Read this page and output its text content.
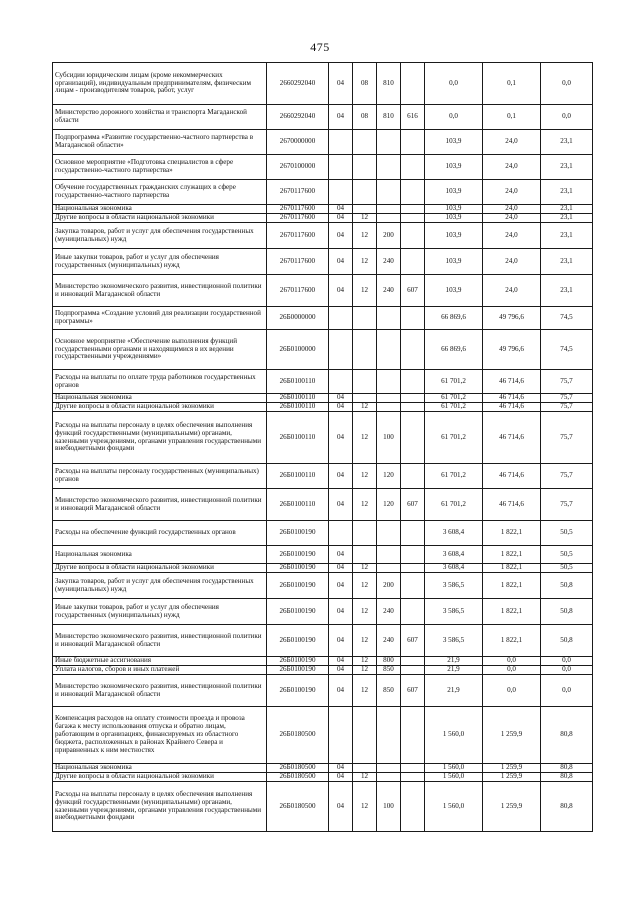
475
Субсидии юридическим лицам (кроме некоммерческих организаций), индивидуальным предпринимателям, физическим лицам - производителям товаров, работ, услуг	2660292040	04	08	810		0,0	0,1	0,0
Министерство дорожного хозяйства и транспорта Магаданской области	2660292040	04	08	810	616	0,0	0,1	0,0
Подпрограмма «Развитие государственно-частного партнерства в Магаданской области»	2670000000					103,9	24,0	23,1
Основное мероприятие «Подготовка специалистов в сфере государственно-частного партнерства»	2670100000					103,9	24,0	23,1
Обучение государственных гражданских служащих в сфере государственно-частного партнерства	2670117600					103,9	24,0	23,1
Национальная экономика	2670117600	04				103,9	24,0	23,1
Другие вопросы в области национальной экономики	2670117600	04	12			103,9	24,0	23,1
Закупка товаров, работ и услуг для обеспечения государственных (муниципальных) нужд	2670117600	04	12	200		103,9	24,0	23,1
Иные закупки товаров, работ и услуг для обеспечения государственных (муниципальных) нужд	2670117600	04	12	240		103,9	24,0	23,1
Министерство экономического развития, инвестиционной политики и инноваций Магаданской области	2670117600	04	12	240	607	103,9	24,0	23,1
Подпрограмма «Создание условий для реализации государственной программы»	26Б0000000					66 869,6	49 796,6	74,5
Основное мероприятие «Обеспечение выполнения функций государственными органами и находящимися в их ведении государственными учреждениями»	26Б0100000					66 869,6	49 796,6	74,5
Расходы на выплаты по оплате труда работников государственных органов	26Б0100110					61 701,2	46 714,6	75,7
Национальная экономика	26Б0100110	04				61 701,2	46 714,6	75,7
Другие вопросы в области национальной экономики	26Б0100110	04	12			61 701,2	46 714,6	75,7
Расходы на выплаты персоналу в целях обеспечения выполнения функций государственными (муниципальными) органами, казенными учреждениями, органами управления государственными внебюджетными фондами	26Б0100110	04	12	100		61 701,2	46 714,6	75,7
Расходы на выплаты персоналу государственных (муниципальных) органов	26Б0100110	04	12	120		61 701,2	46 714,6	75,7
Министерство экономического развития, инвестиционной политики и инноваций Магаданской области	26Б0100110	04	12	120	607	61 701,2	46 714,6	75,7
Расходы на обеспечение функций государственных органов	26Б0100190					3 608,4	1 822,1	50,5
Национальная экономика	26Б0100190	04				3 608,4	1 822,1	50,5
Другие вопросы в области национальной экономики	26Б0100190	04	12			3 608,4	1 822,1	50,5
Закупка товаров, работ и услуг для обеспечения государственных (муниципальных) нужд	26Б0100190	04	12	200		3 586,5	1 822,1	50,8
Иные закупки товаров, работ и услуг для обеспечения государственных (муниципальных) нужд	26Б0100190	04	12	240		3 586,5	1 822,1	50,8
Министерство экономического развития, инвестиционной политики и инноваций Магаданской области	26Б0100190	04	12	240	607	3 586,5	1 822,1	50,8
Иные бюджетные ассигнования	26Б0100190	04	12	800		21,9	0,0	0,0
Уплата налогов, сборов и иных платежей	26Б0100190	04	12	850		21,9	0,0	0,0
Министерство экономического развития, инвестиционной политики и инноваций Магаданской области	26Б0100190	04	12	850	607	21,9	0,0	0,0
Компенсация расходов на оплату стоимости проезда и провоза багажа к месту использования отпуска и обратно лицам, работающим в организациях, финансируемых из областного бюджета, расположенных в районах Крайнего Севера и приравненных к ним местностях	26Б0180500					1 560,0	1 259,9	80,8
Национальная экономика	26Б0180500	04				1 560,0	1 259,9	80,8
Другие вопросы в области национальной экономики	26Б0180500	04	12			1 560,0	1 259,9	80,8
Расходы на выплаты персоналу в целях обеспечения выполнения функций государственными (муниципальными) органами, казенными учреждениями, органами управления государственными внебюджетными фондами	26Б0180500	04	12	100		1 560,0	1 259,9	80,8
